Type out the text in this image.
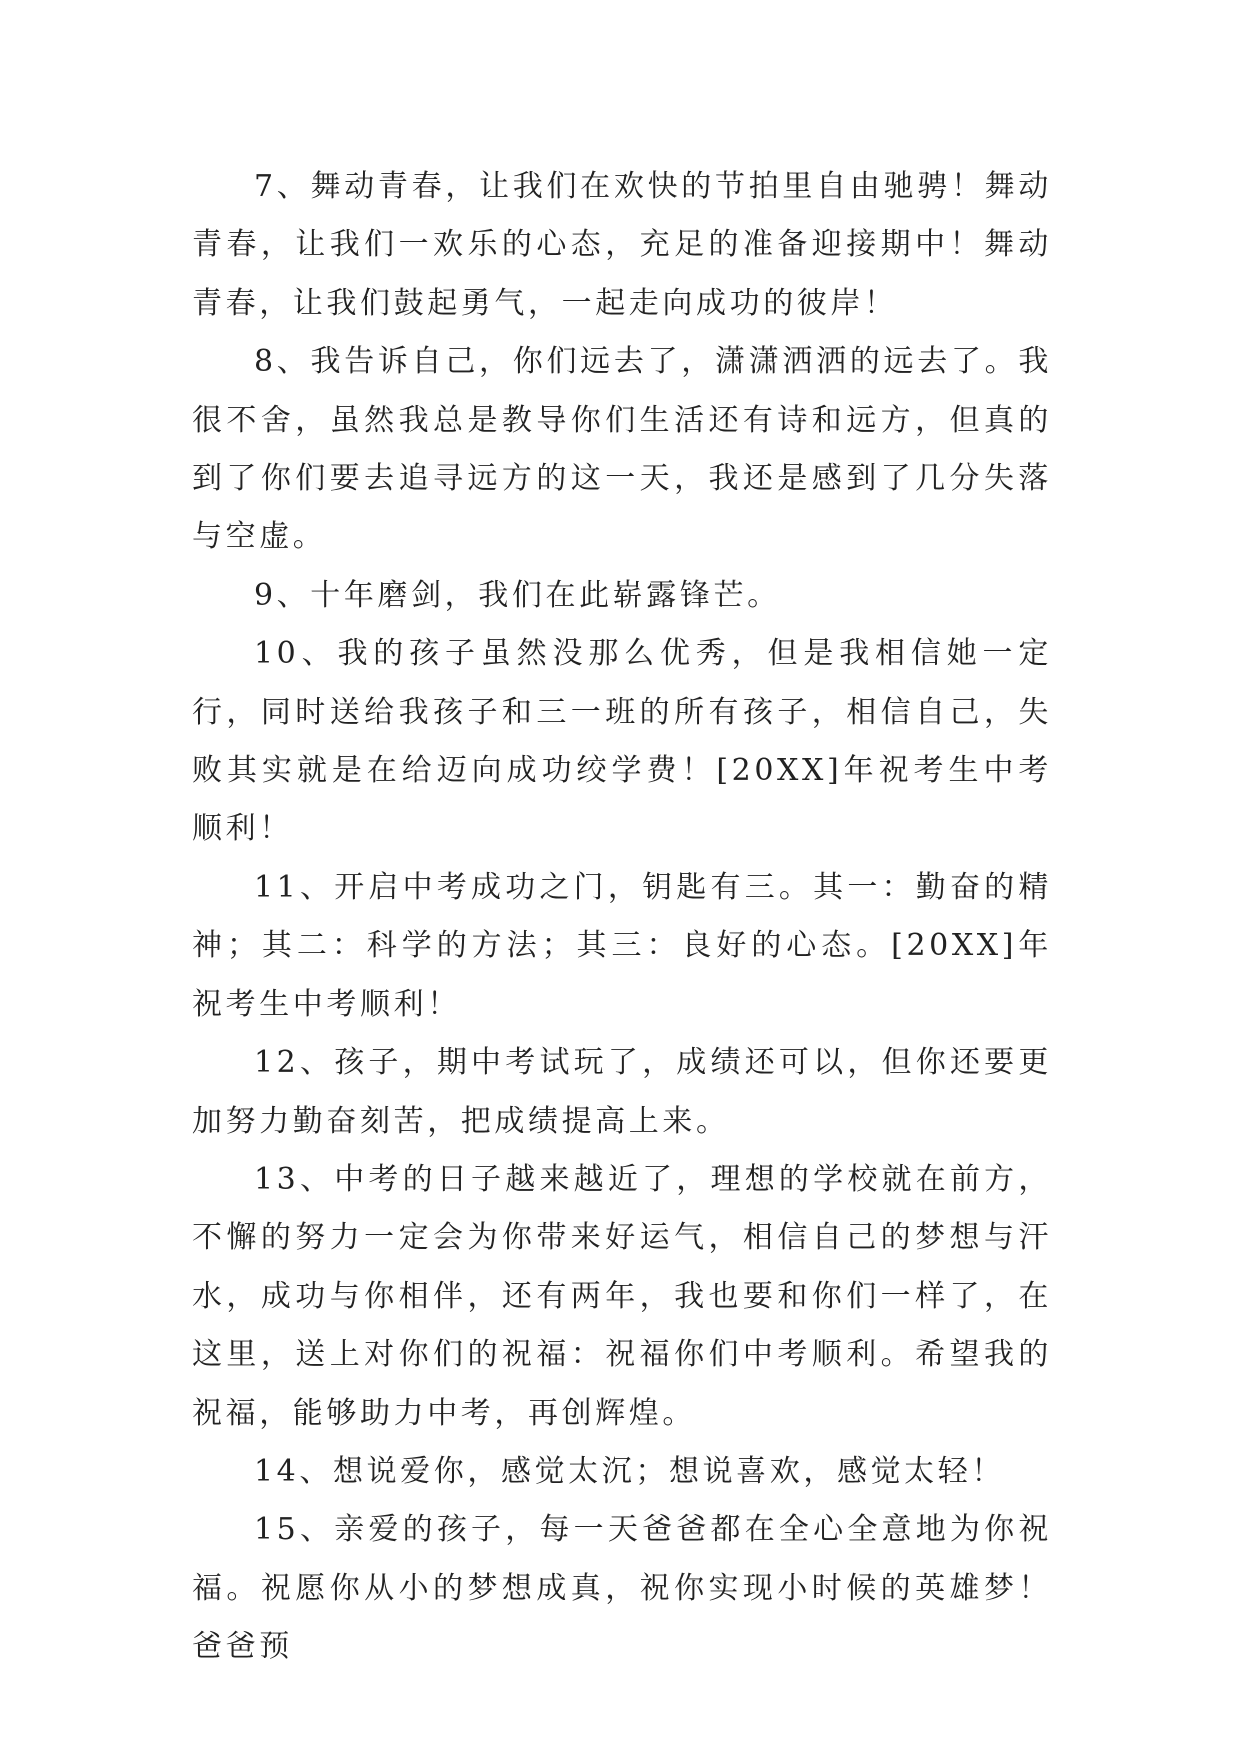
7、舞动青春，让我们在欢快的节拍里自由驰骋！舞动青春，让我们一欢乐的心态，充足的准备迎接期中！舞动青春，让我们鼓起勇气，一起走向成功的彼岸！

8、我告诉自己，你们远去了，潇潇洒洒的远去了。我很不舍，虽然我总是教导你们生活还有诗和远方，但真的到了你们要去追寻远方的这一天，我还是感到了几分失落与空虚。

9、十年磨剑，我们在此崭露锋芒。

10、我的孩子虽然没那么优秀，但是我相信她一定行，同时送给我孩子和三一班的所有孩子，相信自己，失败其实就是在给迈向成功绞学费！[20XX]年祝考生中考顺利！

11、开启中考成功之门，钥匙有三。其一：勤奋的精神；其二：科学的方法；其三：良好的心态。[20XX]年祝考生中考顺利！

12、孩子，期中考试玩了，成绩还可以，但你还要更加努力勤奋刻苦，把成绩提高上来。

13、中考的日子越来越近了，理想的学校就在前方，不懈的努力一定会为你带来好运气，相信自己的梦想与汗水，成功与你相伴，还有两年，我也要和你们一样了，在这里，送上对你们的祝福：祝福你们中考顺利。希望我的祝福，能够助力中考，再创辉煌。

14、想说爱你，感觉太沉；想说喜欢，感觉太轻！

15、亲爱的孩子，每一天爸爸都在全心全意地为你祝福。祝愿你从小的梦想成真，祝你实现小时候的英雄梦！爸爸预
